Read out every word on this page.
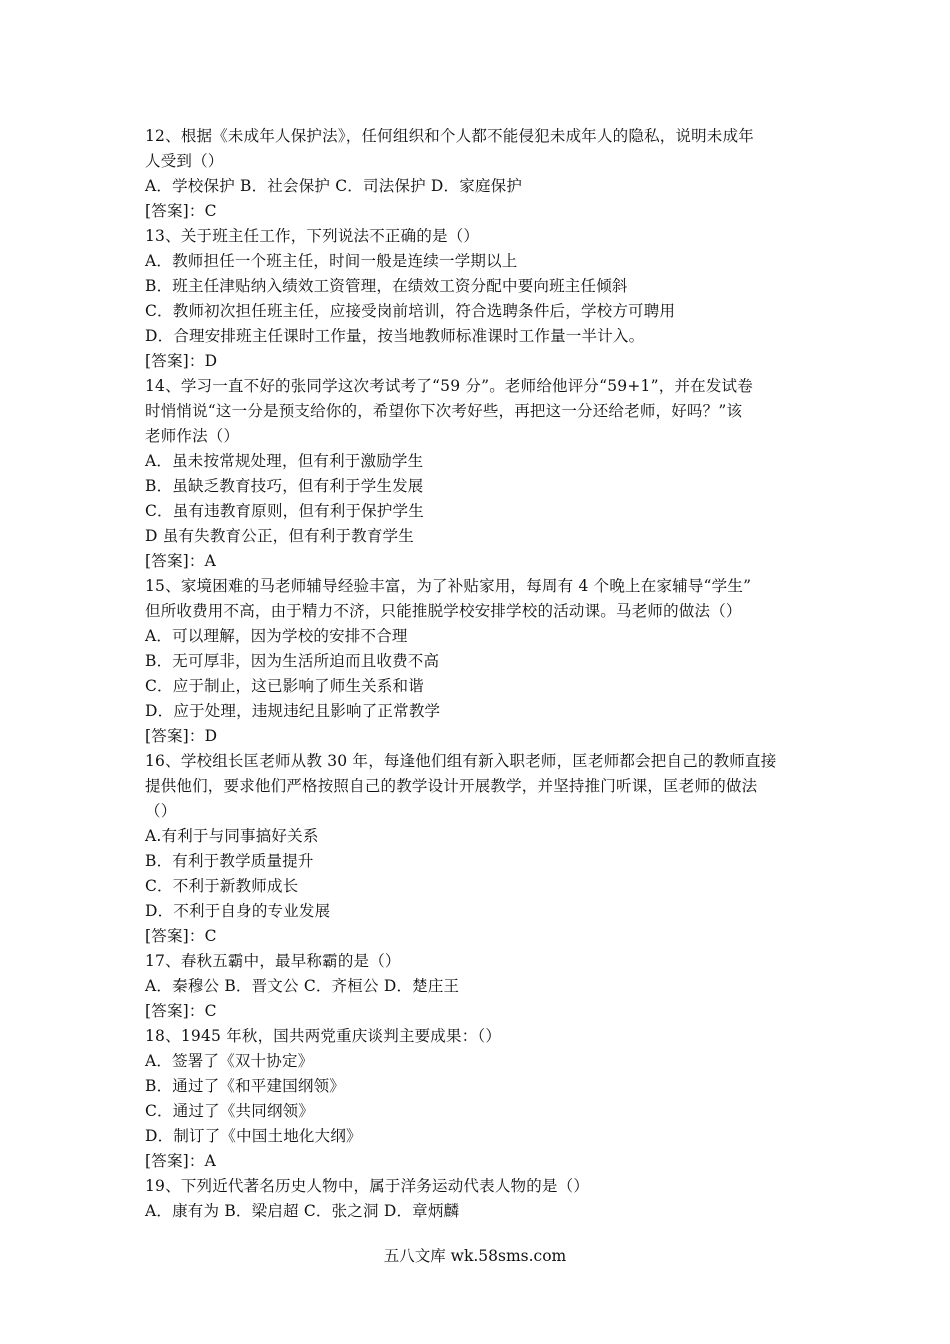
12、根据《未成年人保护法》，任何组织和个人都不能侵犯未成年人的隐私，说明未成年
人受到（）
A．学校保护 B．社会保护 C．司法保护 D．家庭保护
[答案]：C
13、关于班主任工作，下列说法不正确的是（）
A．教师担任一个班主任，时间一般是连续一学期以上
B．班主任津贴纳入绩效工资管理，在绩效工资分配中要向班主任倾斜
C．教师初次担任班主任，应接受岗前培训，符合选聘条件后，学校方可聘用
D．合理安排班主任课时工作量，按当地教师标准课时工作量一半计入。
[答案]：D
14、学习一直不好的张同学这次考试考了“59 分”。老师给他评分“59+1”，并在发试卷
时悄悄说“这一分是预支给你的，希望你下次考好些，再把这一分还给老师，好吗？”该
老师作法（）
A．虽未按常规处理，但有利于激励学生
B．虽缺乏教育技巧，但有利于学生发展
C．虽有违教育原则，但有利于保护学生
D 虽有失教育公正，但有利于教育学生
[答案]：A
15、家境困难的马老师辅导经验丰富，为了补贴家用，每周有 4 个晚上在家辅导“学生”
但所收费用不高，由于精力不济，只能推脱学校安排学校的活动课。马老师的做法（）
A．可以理解，因为学校的安排不合理
B．无可厚非，因为生活所迫而且收费不高
C．应于制止，这已影响了师生关系和谐
D．应于处理，违规违纪且影响了正常教学
[答案]：D
16、学校组长匡老师从教 30 年，每逢他们组有新入职老师，匡老师都会把自己的教师直接
提供他们，要求他们严格按照自己的教学设计开展教学，并坚持推门听课，匡老师的做法
（）
A.有利于与同事搞好关系
B．有利于教学质量提升
C．不利于新教师成长
D．不利于自身的专业发展
[答案]：C
17、春秋五霸中，最早称霸的是（）
A．秦穆公 B．晋文公 C．齐桓公 D．楚庄王
[答案]：C
18、1945 年秋，国共两党重庆谈判主要成果：（）
A．签署了《双十协定》
B．通过了《和平建国纲领》
C．通过了《共同纲领》
D．制订了《中国土地化大纲》
[答案]：A
19、下列近代著名历史人物中，属于洋务运动代表人物的是（）
A．康有为 B．梁启超 C．张之洞 D．章炳麟
五八文库 wk.58sms.com
